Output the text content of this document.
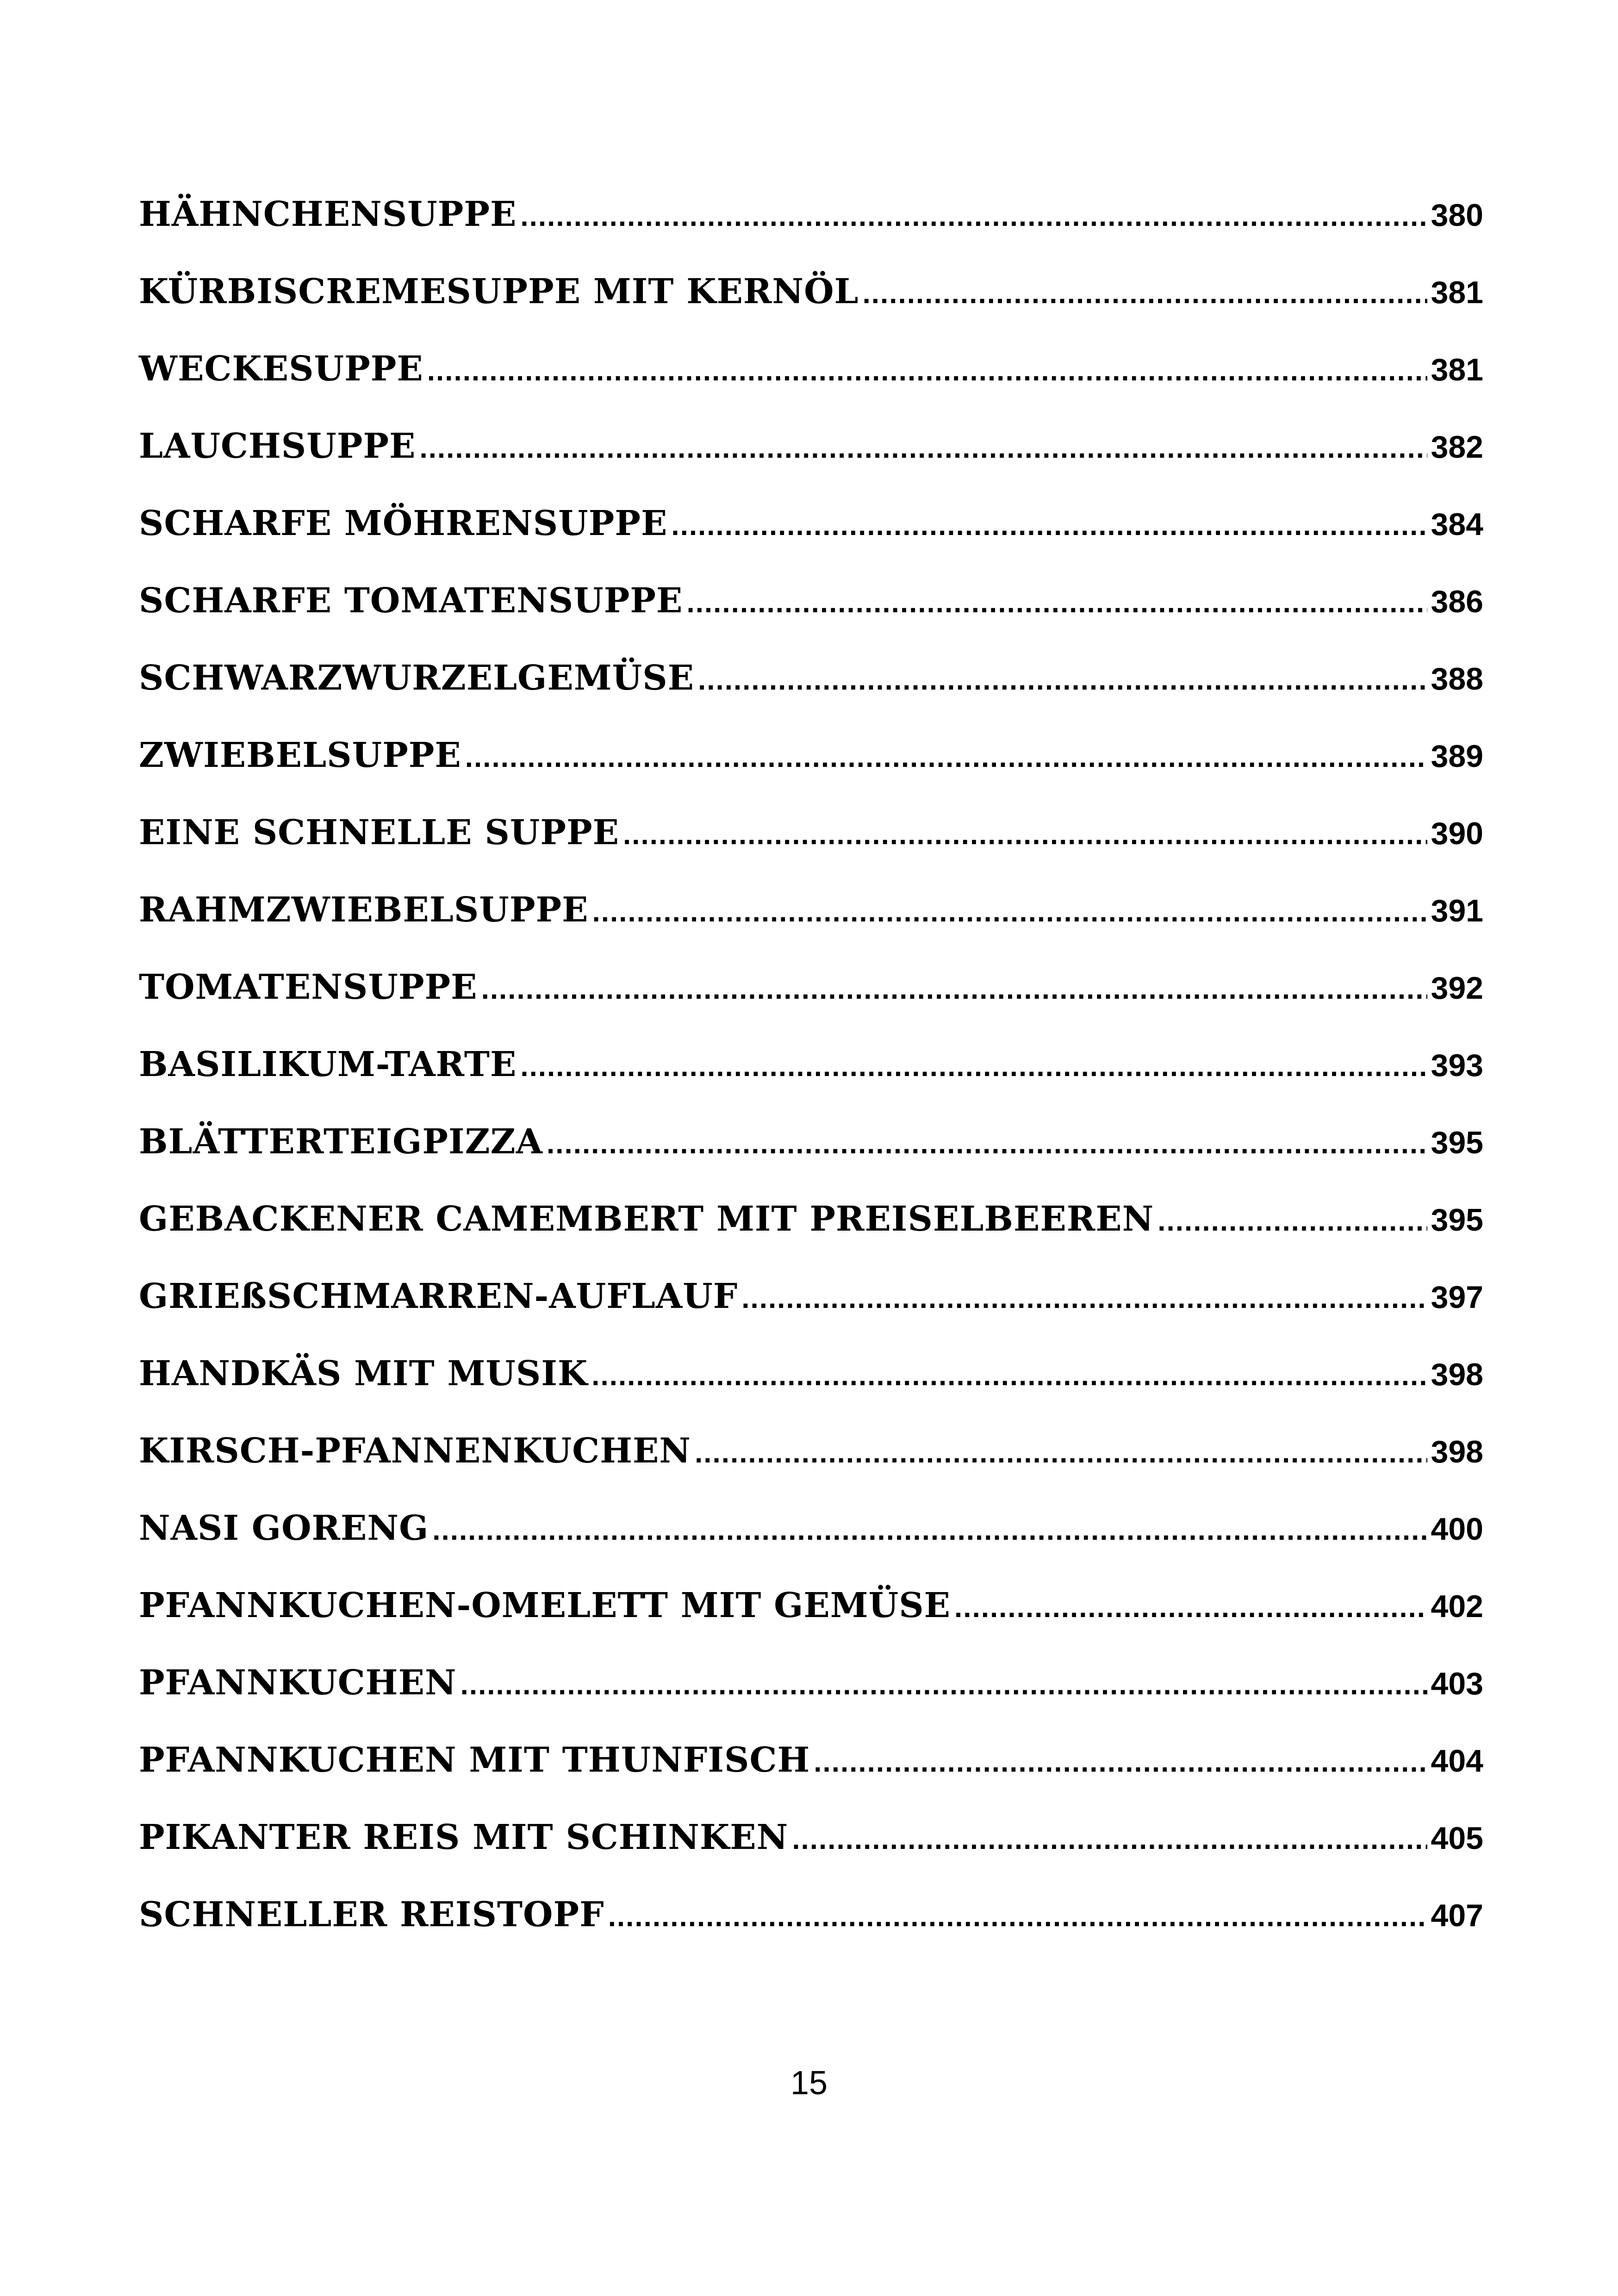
HÄHNCHENSUPPE .....	380
KÜRBISCREMESUPPE MIT KERNÖL .....	381
WECKESUPPE .....	381
LAUCHSUPPE .....	382
SCHARFE MÖHRENSUPPE .....	384
SCHARFE TOMATENSUPPE .....	386
SCHWARZWURZELGEMÜSE .....	388
ZWIEBELSUPPE .....	389
EINE SCHNELLE SUPPE .....	390
RAHMZWIEBELSUPPE .....	391
TOMATENSUPPE .....	392
BASILIKUM-TARTE .....	393
BLÄTTERTEIGPIZZA .....	395
GEBACKENER CAMEMBERT MIT PREISELBEEREN .....	395
GRIEßSCHMARREN-AUFLAUF .....	397
HANDKÄS MIT MUSIK .....	398
KIRSCH-PFANNENKUCHEN .....	398
NASI GORENG .....	400
PFANNKUCHEN-OMELETT MIT GEMÜSE .....	402
PFANNKUCHEN .....	403
PFANNKUCHEN MIT THUNFISCH .....	404
PIKANTER REIS MIT SCHINKEN .....	405
SCHNELLER REISTOPF .....	407
15
